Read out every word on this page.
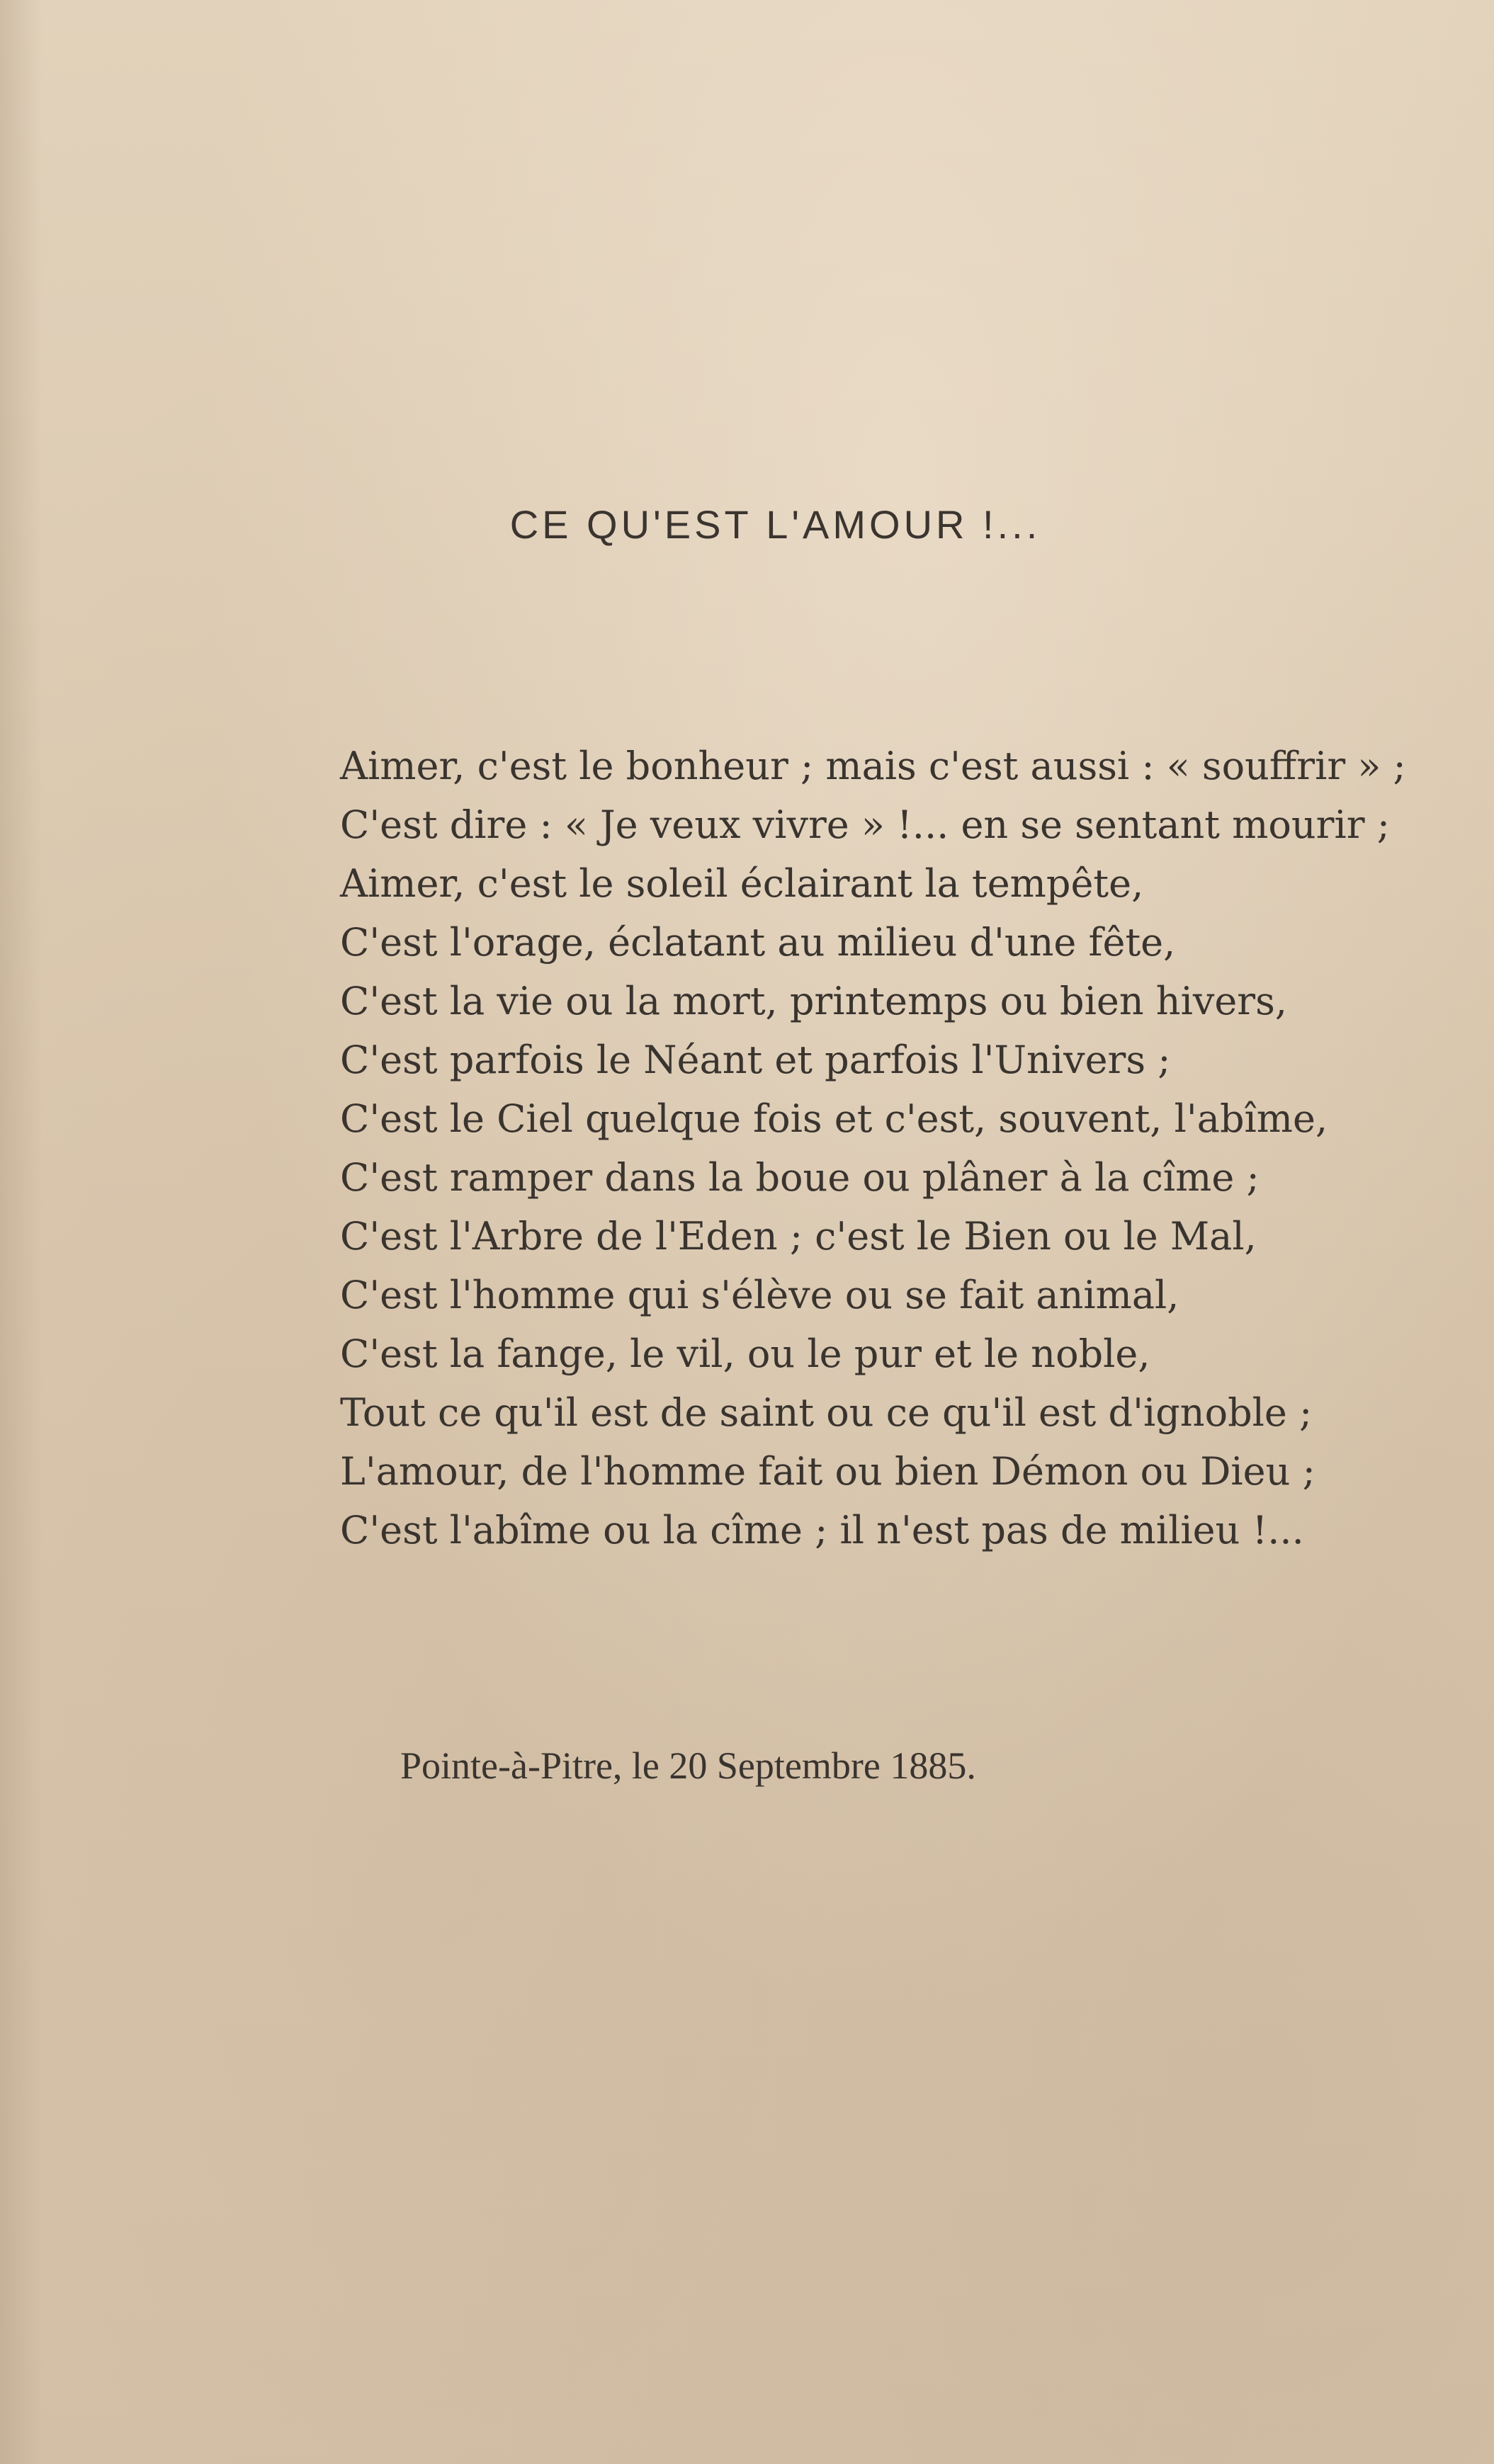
CE QU'EST L'AMOUR !...
Aimer, c'est le bonheur ; mais c'est aussi : « souffrir » ;
C'est dire : « Je veux vivre » !... en se sentant mourir ;
Aimer, c'est le soleil éclairant la tempête,
C'est l'orage, éclatant au milieu d'une fête,
C'est la vie ou la mort, printemps ou bien hivers,
C'est parfois le Néant et parfois l'Univers ;
C'est le Ciel quelque fois et c'est, souvent, l'abîme,
C'est ramper dans la boue ou plâner à la cîme ;
C'est l'Arbre de l'Eden ; c'est le Bien ou le Mal,
C'est l'homme qui s'élève ou se fait animal,
C'est la fange, le vil, ou le pur et le noble,
Tout ce qu'il est de saint ou ce qu'il est d'ignoble ;
L'amour, de l'homme fait ou bien Démon ou Dieu ;
C'est l'abîme ou la cîme ; il n'est pas de milieu !...
Pointe-à-Pitre, le 20 Septembre 1885.
